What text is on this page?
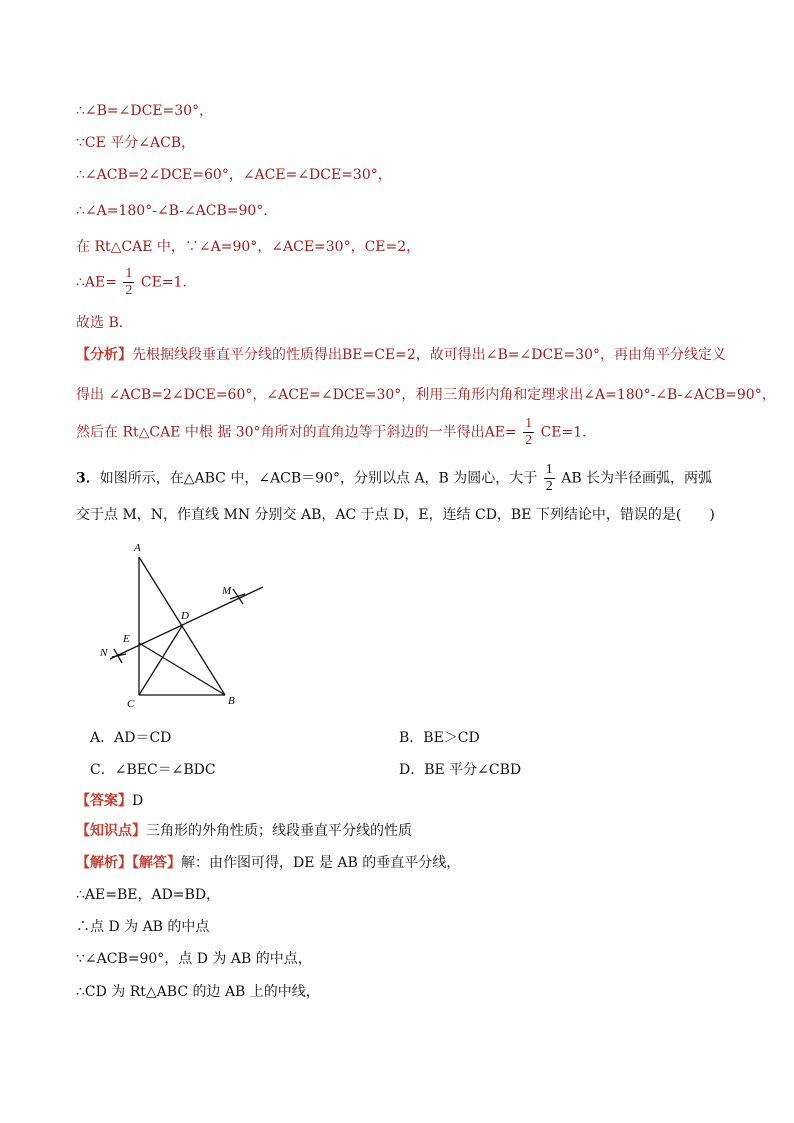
∴∠B=∠DCE=30°，
∵CE 平分∠ACB，
∴∠ACB=2∠DCE=60°，∠ACE=∠DCE=30°，
∴∠A=180°-∠B-∠ACB=90°．
在 Rt△CAE 中，∵∠A=90°，∠ACE=30°，CE=2，
∴AE= $\frac{1}{2} CE=1$．
故选 B．
【分析】先根据线段垂直平分线的性质得出BE=CE=2，故可得出∠B=∠DCE=30°，再由角平分线定义
得出 ∠ACB=2∠DCE=60°，∠ACE=∠DCE=30°，利用三角形内角和定理求出∠A=180°-∠B-∠ACB=90°，
然后在 Rt△CAE 中根 据 30°角所对的直角边等于斜边的一半得出$AE= \frac{1}{2} CE=1$．
3．如图所示，在△ABC 中，∠ACB＝90°，分别以点 A，B 为圆心，大于 $\frac{1}{2}$ AB 长为半径画弧，两弧
交于点 M，N，作直线 MN 分别交 AB，AC 于点 D，E，连结 CD，BE 下列结论中，错误的是(　　)
A
M
D
E
N
C	B
A．AD＝CD	B．BE＞CD
C．∠BEC＝∠BDC	D．BE 平分∠CBD
【答案】D
【知识点】三角形的外角性质；线段垂直平分线的性质
【解析】【解答】解：由作图可得，DE 是 AB 的垂直平分线，
∴AE=BE，AD=BD，
∴点 D 为 AB 的中点
∵∠ACB=90°，点 D 为 AB 的中点，
∴CD 为 Rt△ABC 的边 AB 上的中线，
